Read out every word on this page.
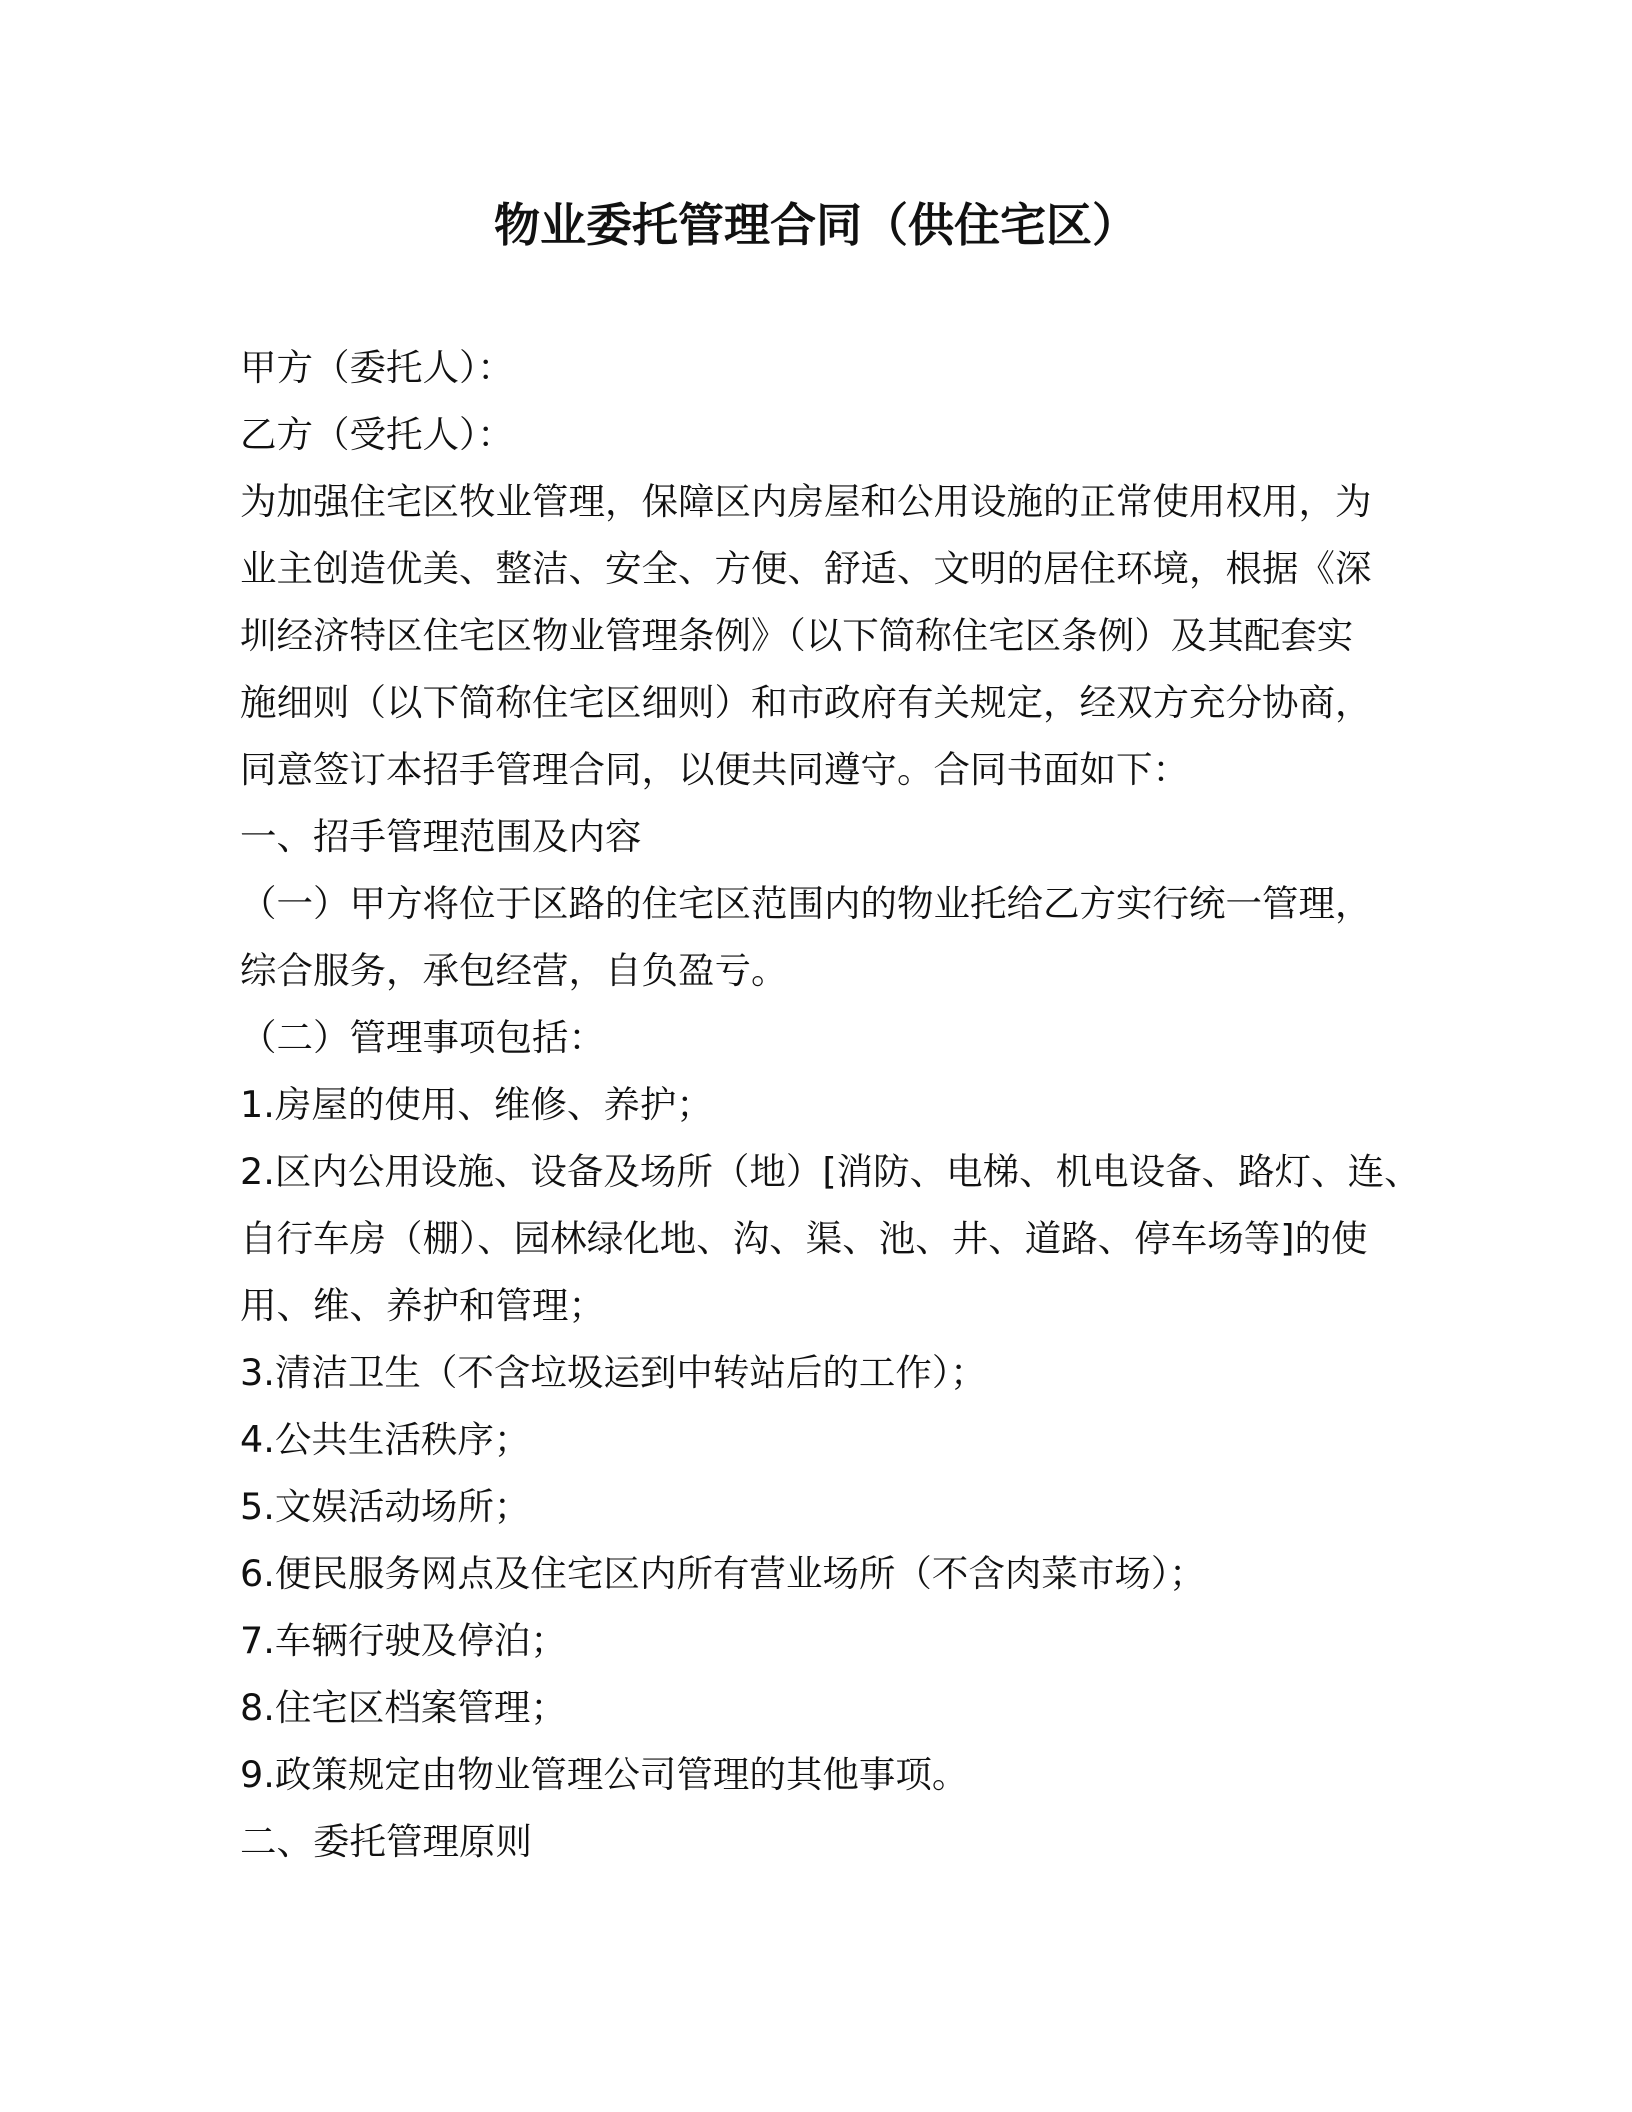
物业委托管理合同（供住宅区）
甲方（委托人）：
乙方（受托人）：
为加强住宅区牧业管理，保障区内房屋和公用设施的正常使用权用，为
业主创造优美、整洁、安全、方便、舒适、文明的居住环境，根据《深
圳经济特区住宅区物业管理条例》（以下简称住宅区条例）及其配套实
施细则（以下简称住宅区细则）和市政府有关规定，经双方充分协商，
同意签订本招手管理合同，以便共同遵守。合同书面如下：
一、招手管理范围及内容
（一）甲方将位于区路的住宅区范围内的物业托给乙方实行统一管理，
综合服务，承包经营，自负盈亏。
（二）管理事项包括：
1.房屋的使用、维修、养护；
2.区内公用设施、设备及场所（地）[消防、电梯、机电设备、路灯、连、
自行车房（棚）、园林绿化地、沟、渠、池、井、道路、停车场等]的使
用、维、养护和管理；
3.清洁卫生（不含垃圾运到中转站后的工作）；
4.公共生活秩序；
5.文娱活动场所；
6.便民服务网点及住宅区内所有营业场所（不含肉菜市场）；
7.车辆行驶及停泊；
8.住宅区档案管理；
9.政策规定由物业管理公司管理的其他事项。
二、委托管理原则
